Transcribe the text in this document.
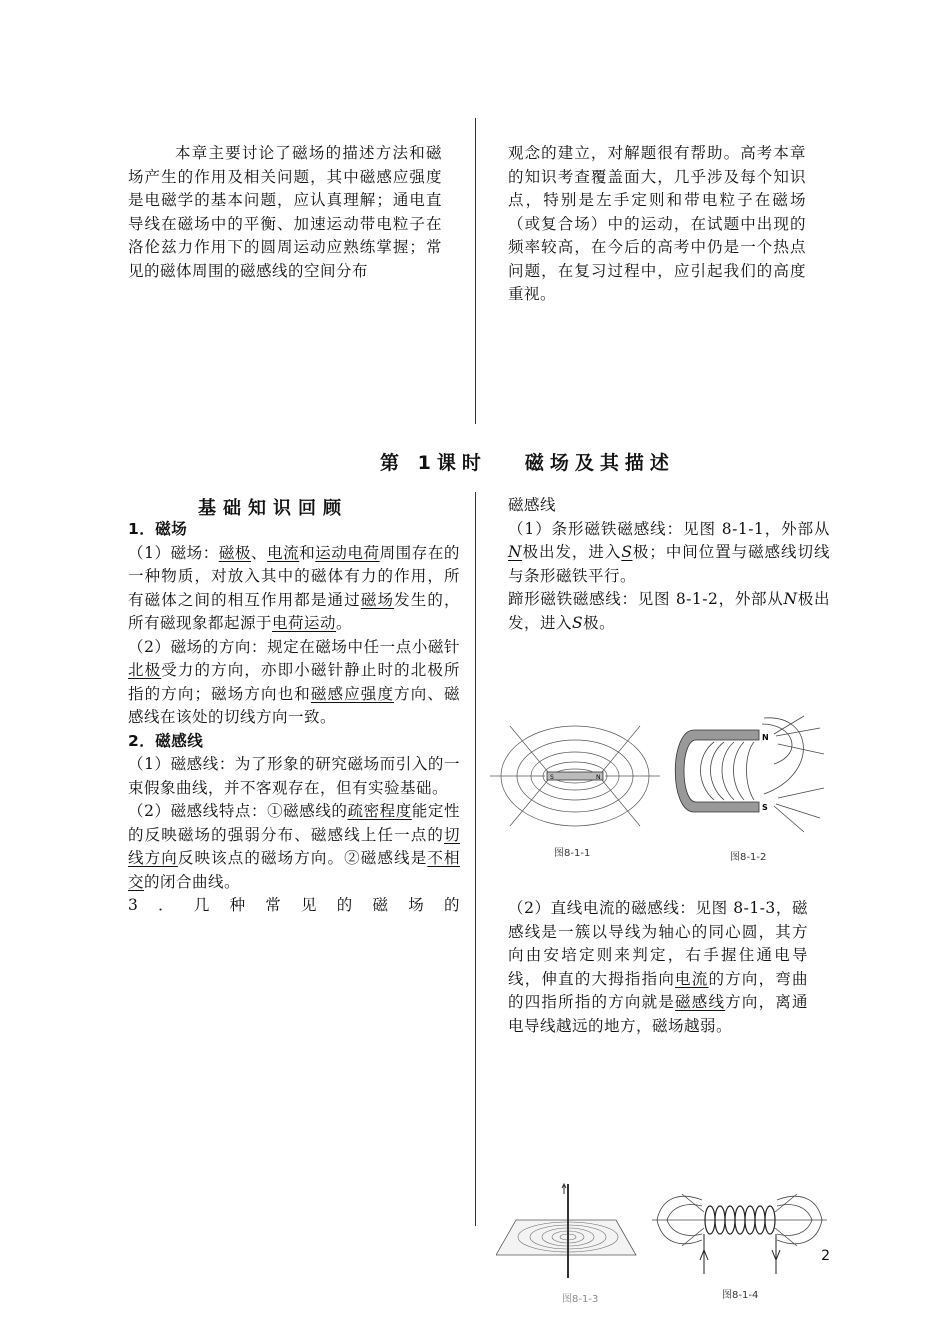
本章主要讨论了磁场的描述方法和磁场产生的作用及相关问题，其中磁感应强度是电磁学的基本问题，应认真理解；通电直导线在磁场中的平衡、加速运动带电粒子在洛伦兹力作用下的圆周运动应熟练掌握；常见的磁体周围的磁感线的空间分布

观念的建立，对解题很有帮助。高考本章的知识考查覆盖面大，几乎涉及每个知识点，特别是左手定则和带电粒子在磁场（或复合场）中的运动，在试题中出现的频率较高，在今后的高考中仍是一个热点问题，在复习过程中，应引起我们的高度重视。

第 1课时 磁场及其描述
基础知识回顾

1．磁场

（1）磁场：磁极、电流和运动电荷周围存在的一种物质，对放入其中的磁体有力的作用，所有磁体之间的相互作用都是通过磁场发生的，所有磁现象都起源于电荷运动。

（2）磁场的方向：规定在磁场中任一点小磁针北极受力的方向，亦即小磁针静止时的北极所指的方向；磁场方向也和磁感应强度方向、磁感线在该处的切线方向一致。

2．磁感线

（1）磁感线：为了形象的研究磁场而引入的一束假象曲线，并不客观存在，但有实验基础。

（2）磁感线特点：①磁感线的疏密程度能定性的反映磁场的强弱分布、磁感线上任一点的切线方向反映该点的磁场方向。②磁感线是不相交的闭合曲线。

3．几种常见的磁场的

磁感线

（1）条形磁铁磁感线：见图 8-1-1，外部从N极出发，进入S极；中间位置与磁感线切线与条形磁铁平行。

蹄形磁铁磁感线：见图 8-1-2，外部从N极出发，进入S极。

S	N
图8-1-1
N
S
图8-1-2

（2）直线电流的磁感线：见图 8-1-3，磁感线是一簇以导线为轴心的同心圆，其方向由安培定则来判定，右手握住通电导线，伸直的大拇指指向电流的方向，弯曲的四指所指的方向就是磁感线方向，离通电导线越远的地方，磁场越弱。

图8-1-3	图8-1-4
2
